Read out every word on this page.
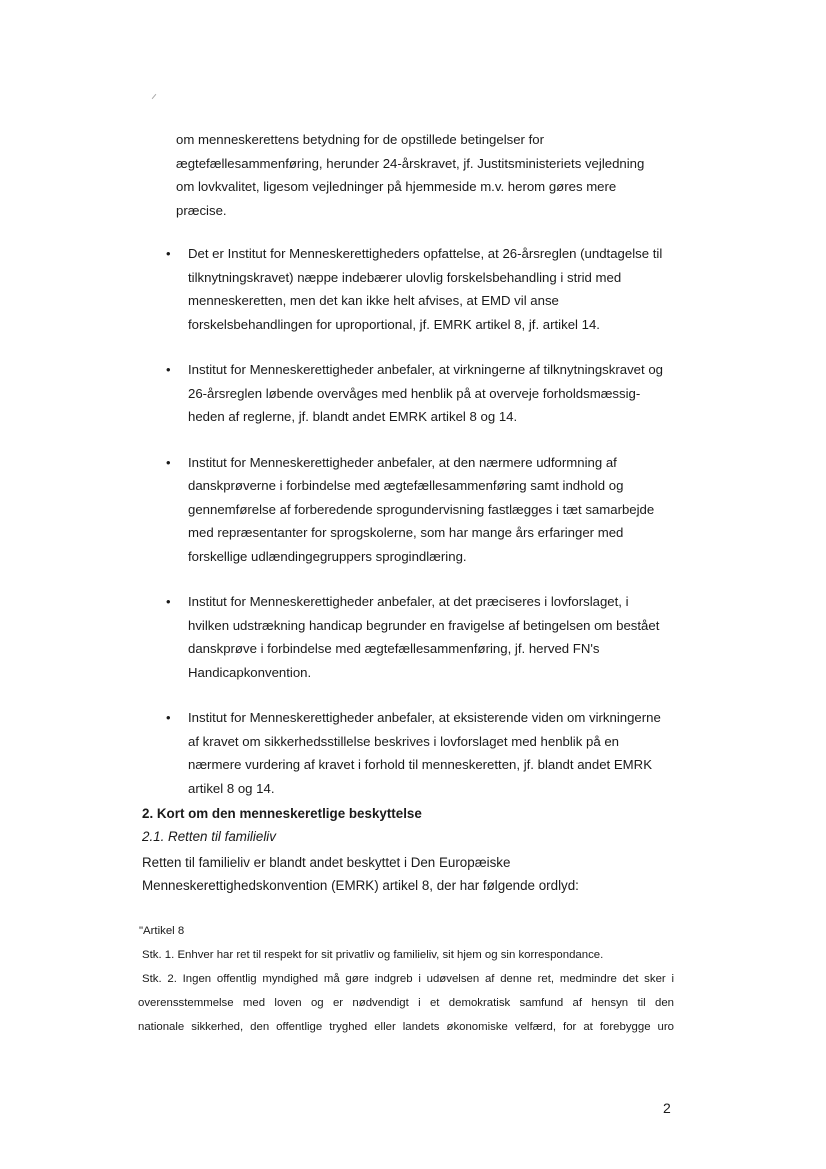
om menneskerettens betydning for de opstillede betingelser for
ægtefællesammenføring, herunder 24-årskravet, jf. Justitsministeriets vejledning
om lovkvalitet, ligesom vejledninger på hjemmeside m.v. herom gøres mere
præcise.
• Det er Institut for Menneskerettigheders opfattelse, at 26-årsreglen (undtagelse til
tilknytningskravet) næppe indebærer ulovlig forskelsbehandling i strid med
menneskeretten, men det kan ikke helt afvises, at EMD vil anse
forskelsbehandlingen for uproportional, jf. EMRK artikel 8, jf. artikel 14.
• Institut for Menneskerettigheder anbefaler, at virkningerne af tilknytningskravet og
26-årsreglen løbende overvåges med henblik på at overveje forholdsmæssig-
heden af reglerne, jf. blandt andet EMRK artikel 8 og 14.
• Institut for Menneskerettigheder anbefaler, at den nærmere udformning af
danskprøverne i forbindelse med ægtefællesammenføring samt indhold og
gennemførelse af forberedende sprogundervisning fastlægges i tæt samarbejde
med repræsentanter for sprogskolerne, som har mange års erfaringer med
forskellige udlændingegruppers sprogindlæring.
• Institut for Menneskerettigheder anbefaler, at det præciseres i lovforslaget, i
hvilken udstrækning handicap begrunder en fravigelse af betingelsen om bestået
danskprøve i forbindelse med ægtefællesammenføring, jf. herved FN's
Handicapkonvention.
• Institut for Menneskerettigheder anbefaler, at eksisterende viden om virkningerne
af kravet om sikkerhedsstillelse beskrives i lovforslaget med henblik på en
nærmere vurdering af kravet i forhold til menneskeretten, jf. blandt andet EMRK
artikel 8 og 14.
2. Kort om den menneskeretlige beskyttelse
2.1. Retten til familieliv
Retten til familieliv er blandt andet beskyttet i Den Europæiske
Menneskerettighedskonvention (EMRK) artikel 8, der har følgende ordlyd:
"Artikel 8
Stk. 1. Enhver har ret til respekt for sit privatliv og familieliv, sit hjem og sin korrespondance.
Stk. 2. Ingen offentlig myndighed må gøre indgreb i udøvelsen af denne ret, medmindre det sker i
overensstemmelse med loven og er nødvendigt i et demokratisk samfund af hensyn til den
nationale sikkerhed, den offentlige tryghed eller landets økonomiske velfærd, for at forebygge uro
2
